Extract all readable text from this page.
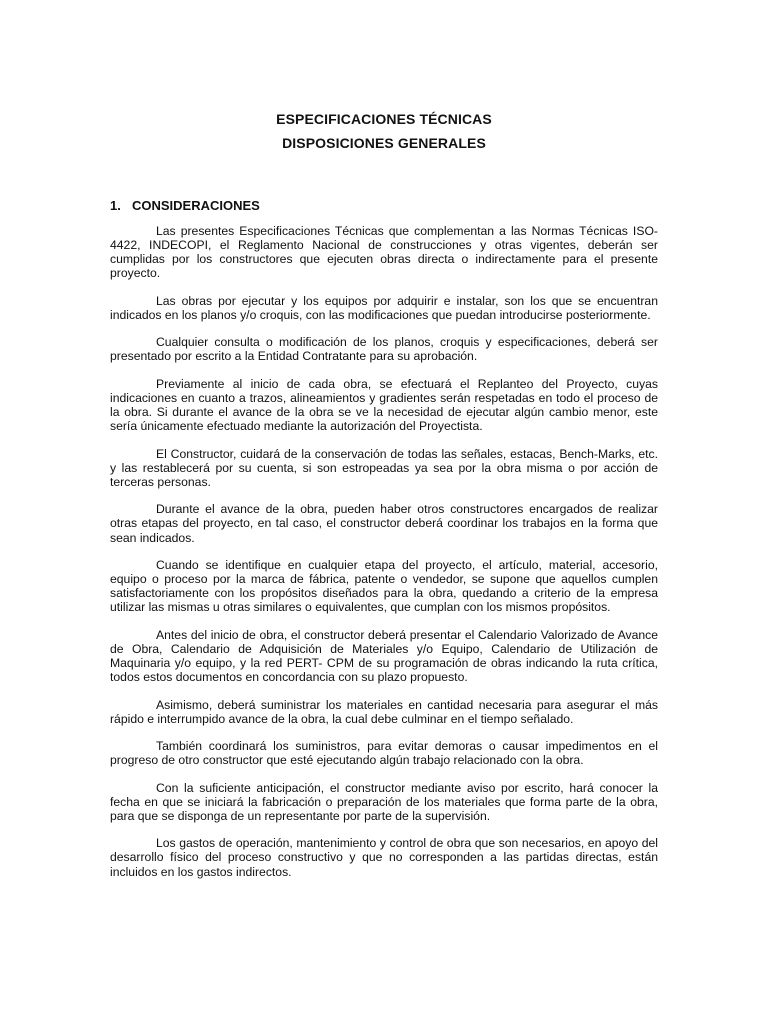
ESPECIFICACIONES TÉCNICAS
DISPOSICIONES GENERALES
1. CONSIDERACIONES

Las presentes Especificaciones Técnicas que complementan a las Normas Técnicas ISO-4422, INDECOPI, el Reglamento Nacional de construcciones y otras vigentes, deberán ser cumplidas por los constructores que ejecuten obras directa o indirectamente para el presente proyecto.

Las obras por ejecutar y los equipos por adquirir e instalar, son los que se encuentran indicados en los planos y/o croquis, con las modificaciones que puedan introducirse posteriormente.

Cualquier consulta o modificación de los planos, croquis y especificaciones, deberá ser presentado por escrito a la Entidad Contratante para su aprobación.

Previamente al inicio de cada obra, se efectuará el Replanteo del Proyecto, cuyas indicaciones en cuanto a trazos, alineamientos y gradientes serán respetadas en todo el proceso de la obra. Si durante el avance de la obra se ve la necesidad de ejecutar algún cambio menor, este sería únicamente efectuado mediante la autorización del Proyectista.

El Constructor, cuidará de la conservación de todas las señales, estacas, Bench-Marks, etc. y las restablecerá por su cuenta, si son estropeadas ya sea por la obra misma o por acción de terceras personas.

Durante el avance de la obra, pueden haber otros constructores encargados de realizar otras etapas del proyecto, en tal caso, el constructor deberá coordinar los trabajos en la forma que sean indicados.

Cuando se identifique en cualquier etapa del proyecto, el artículo, material, accesorio, equipo o proceso por la marca de fábrica, patente o vendedor, se supone que aquellos cumplen satisfactoriamente con los propósitos diseñados para la obra, quedando a criterio de la empresa utilizar las mismas u otras similares o equivalentes, que cumplan con los mismos propósitos.

Antes del inicio de obra, el constructor deberá presentar el Calendario Valorizado de Avance de Obra, Calendario de Adquisición de Materiales y/o Equipo, Calendario de Utilización de Maquinaria y/o equipo, y la red PERT- CPM de su programación de obras indicando la ruta crítica, todos estos documentos en concordancia con su plazo propuesto.

Asimismo, deberá suministrar los materiales en cantidad necesaria para asegurar el más rápido e interrumpido avance de la obra, la cual debe culminar en el tiempo señalado.

También coordinará los suministros, para evitar demoras o causar impedimentos en el progreso de otro constructor que esté ejecutando algún trabajo relacionado con la obra.

Con la suficiente anticipación, el constructor mediante aviso por escrito, hará conocer la fecha en que se iniciará la fabricación o preparación de los materiales que forma parte de la obra, para que se disponga de un representante por parte de la supervisión.

Los gastos de operación, mantenimiento y control de obra que son necesarios, en apoyo del desarrollo físico del proceso constructivo y que no corresponden a las partidas directas, están incluidos en los gastos indirectos.
